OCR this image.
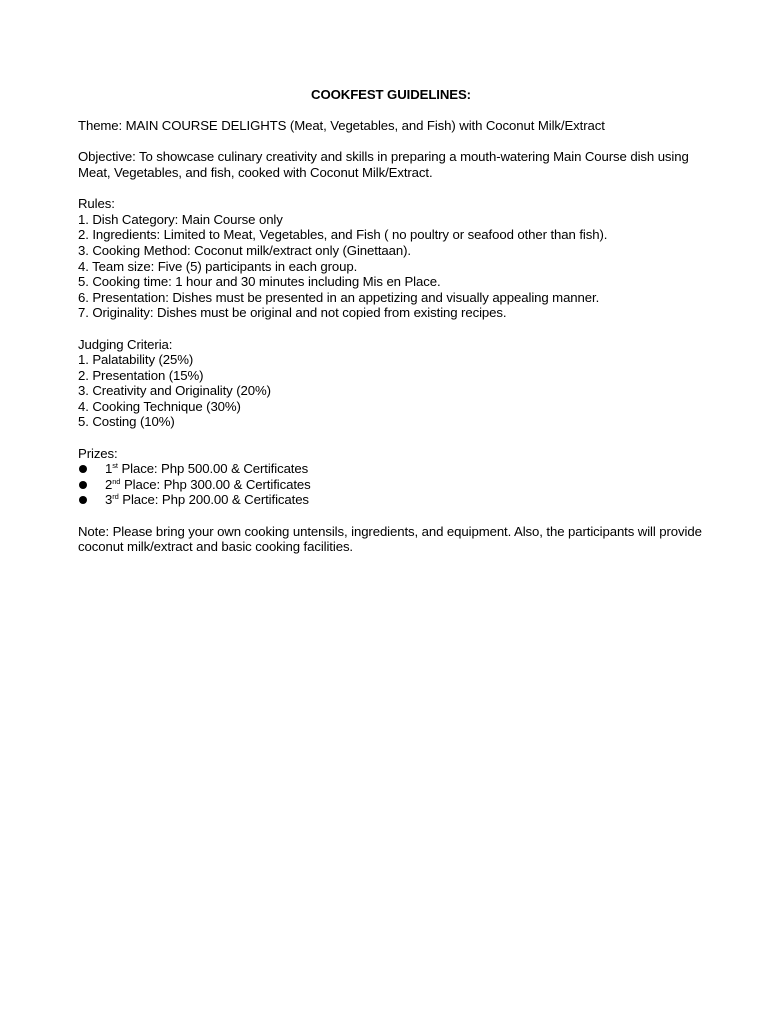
COOKFEST GUIDELINES:
Theme: MAIN COURSE DELIGHTS (Meat, Vegetables, and Fish) with Coconut Milk/Extract
Objective: To showcase culinary creativity and skills in preparing a mouth-watering Main Course dish using Meat, Vegetables, and fish, cooked with Coconut Milk/Extract.
Rules:
1. Dish Category: Main Course only
2. Ingredients: Limited to Meat, Vegetables, and Fish ( no poultry or seafood other than fish).
3. Cooking Method: Coconut milk/extract only (Ginettaan).
4. Team size: Five (5) participants in each group.
5. Cooking time: 1 hour and 30 minutes including Mis en Place.
6. Presentation: Dishes must be presented in an appetizing and visually appealing manner.
7. Originality: Dishes must be original and not copied from existing recipes.
Judging Criteria:
1. Palatability (25%)
2. Presentation (15%)
3. Creativity and Originality (20%)
4. Cooking Technique (30%)
5. Costing (10%)
Prizes:
1st Place: Php 500.00 & Certificates
2nd Place: Php 300.00 & Certificates
3rd Place: Php 200.00 & Certificates
Note: Please bring your own cooking untensils, ingredients, and equipment. Also, the participants will provide
coconut milk/extract and basic cooking facilities.
